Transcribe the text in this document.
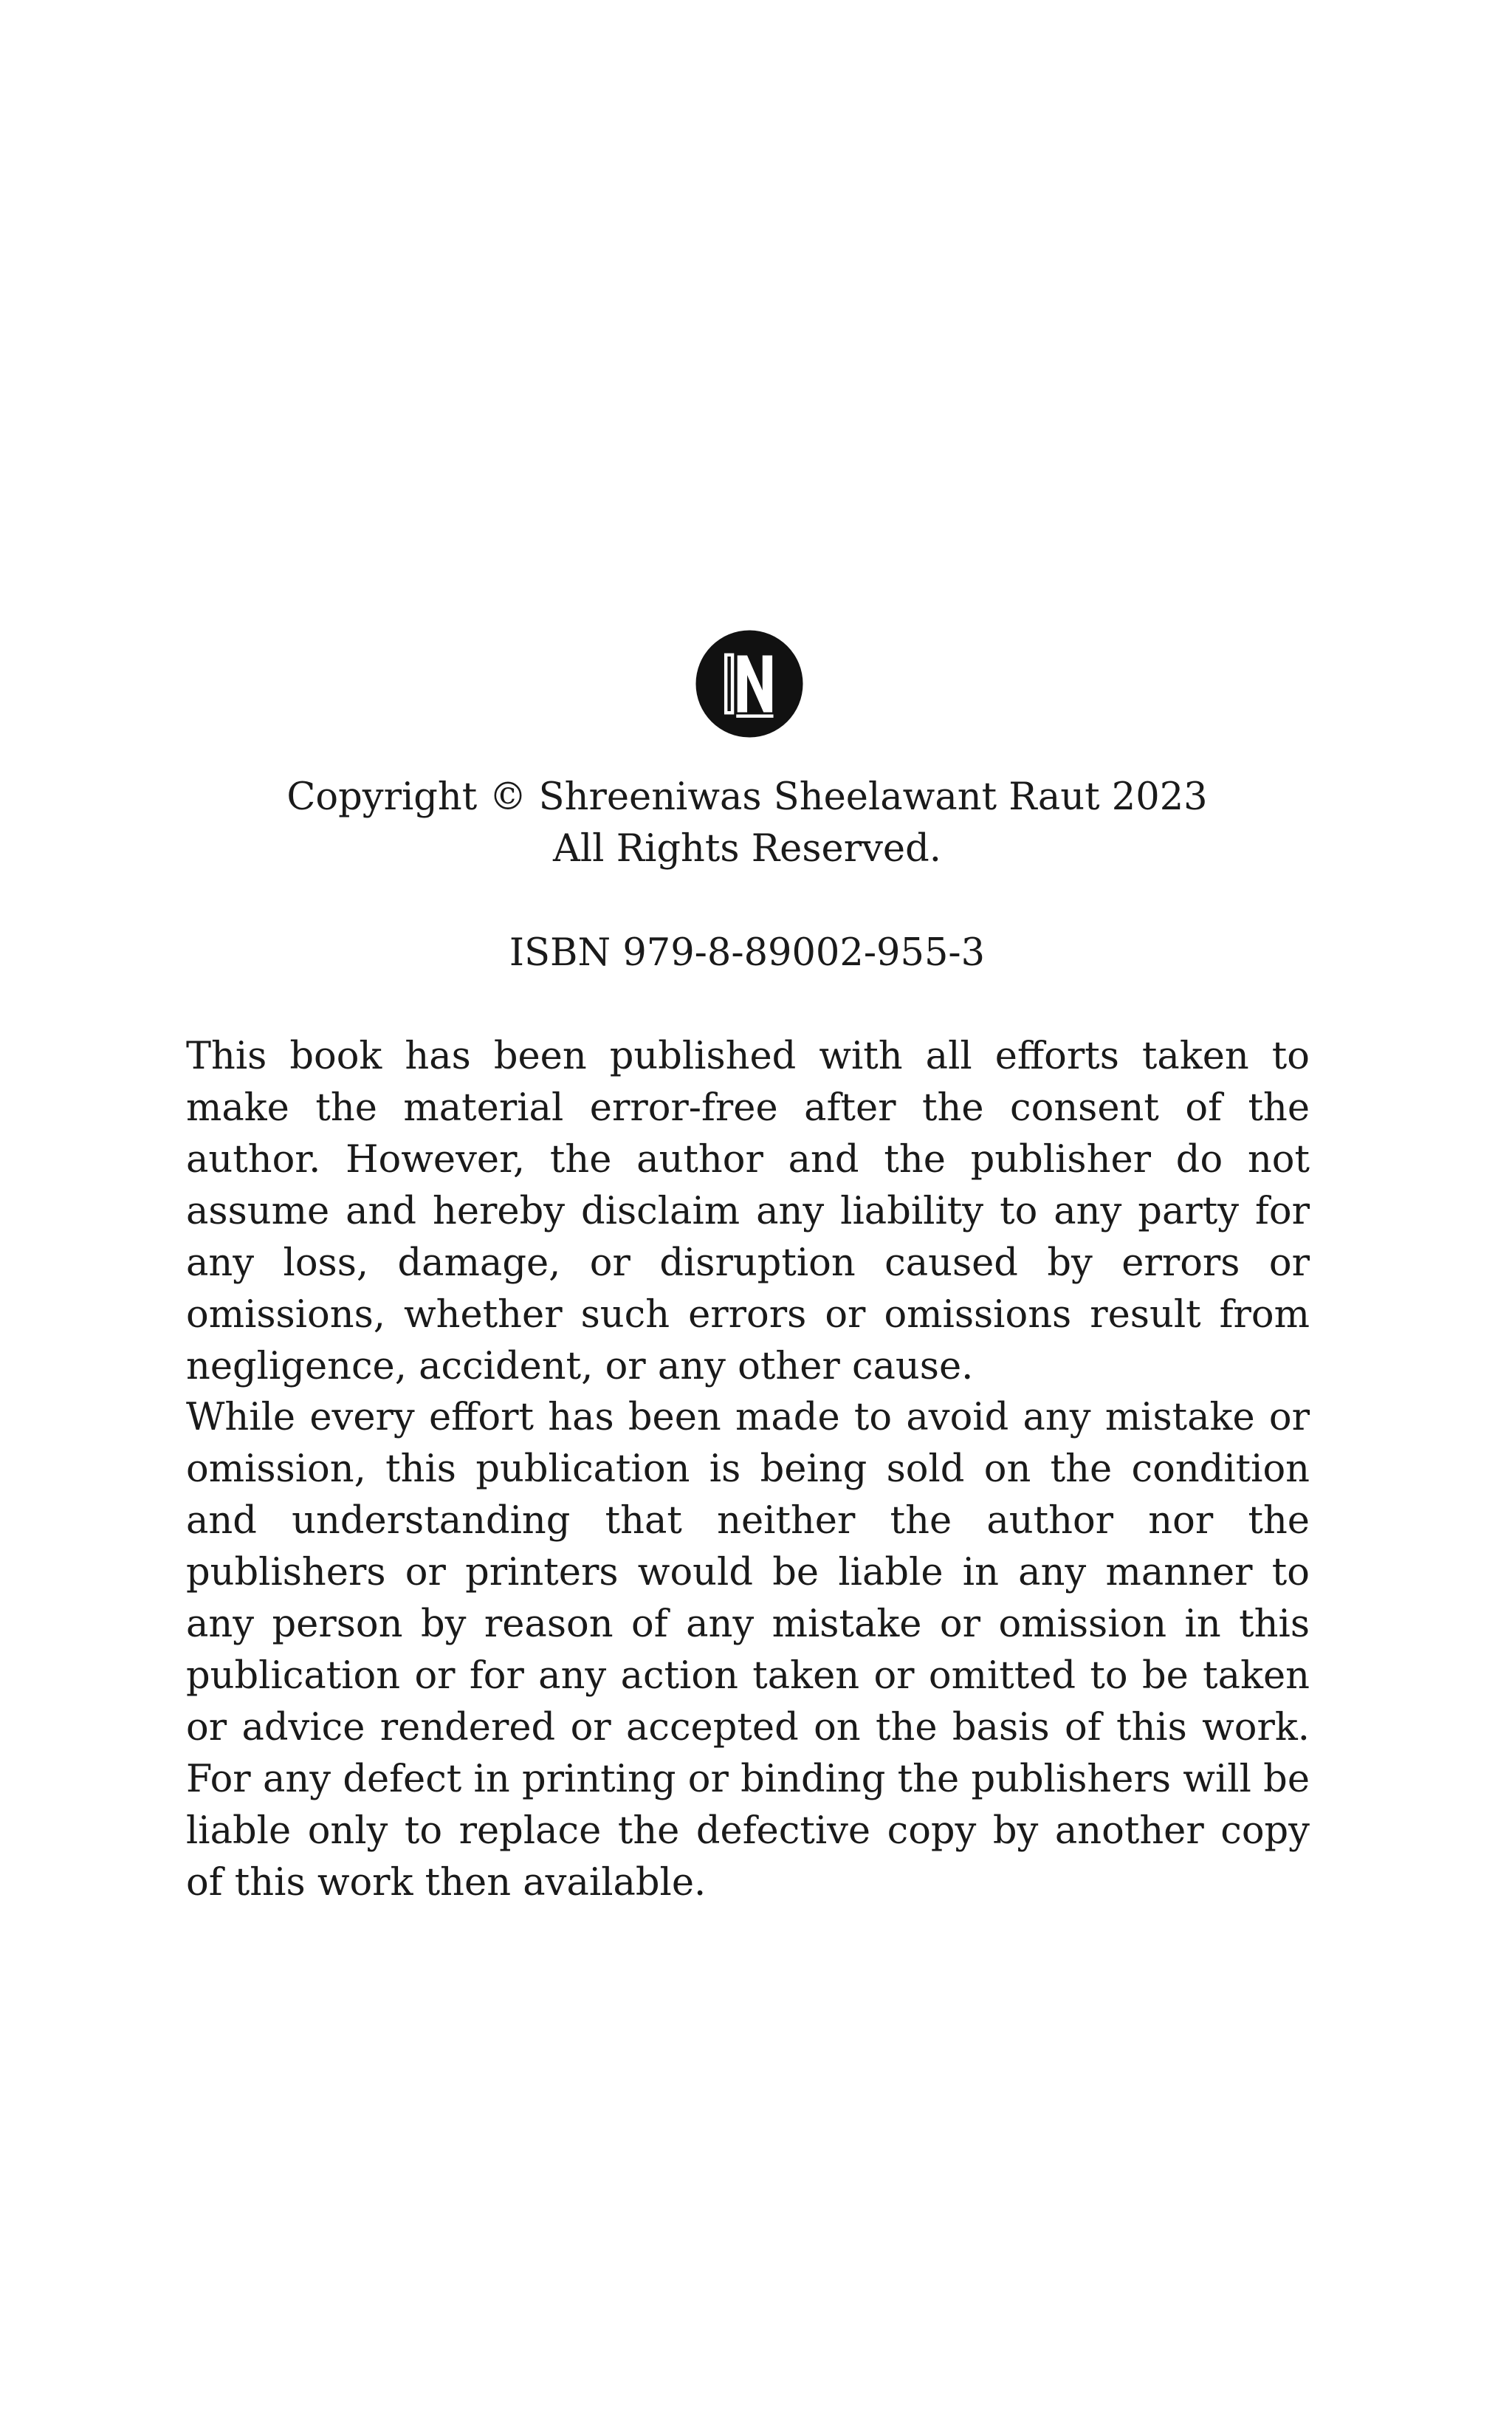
Copyright © Shreeniwas Sheelawant Raut 2023
All Rights Reserved.
ISBN 979-8-89002-955-3

This book has been published with all efforts taken to make the material error-free after the consent of the author. However, the author and the publisher do not assume and hereby disclaim any liability to any party for any loss, damage, or disruption caused by errors or omissions, whether such errors or omissions result from negligence, accident, or any other cause.

While every effort has been made to avoid any mistake or omission, this publication is being sold on the condition and understanding that neither the author nor the publishers or printers would be liable in any manner to any person by reason of any mistake or omission in this publication or for any action taken or omitted to be taken or advice rendered or accepted on the basis of this work. For any defect in printing or binding the publishers will be liable only to replace the defective copy by another copy of this work then available.
